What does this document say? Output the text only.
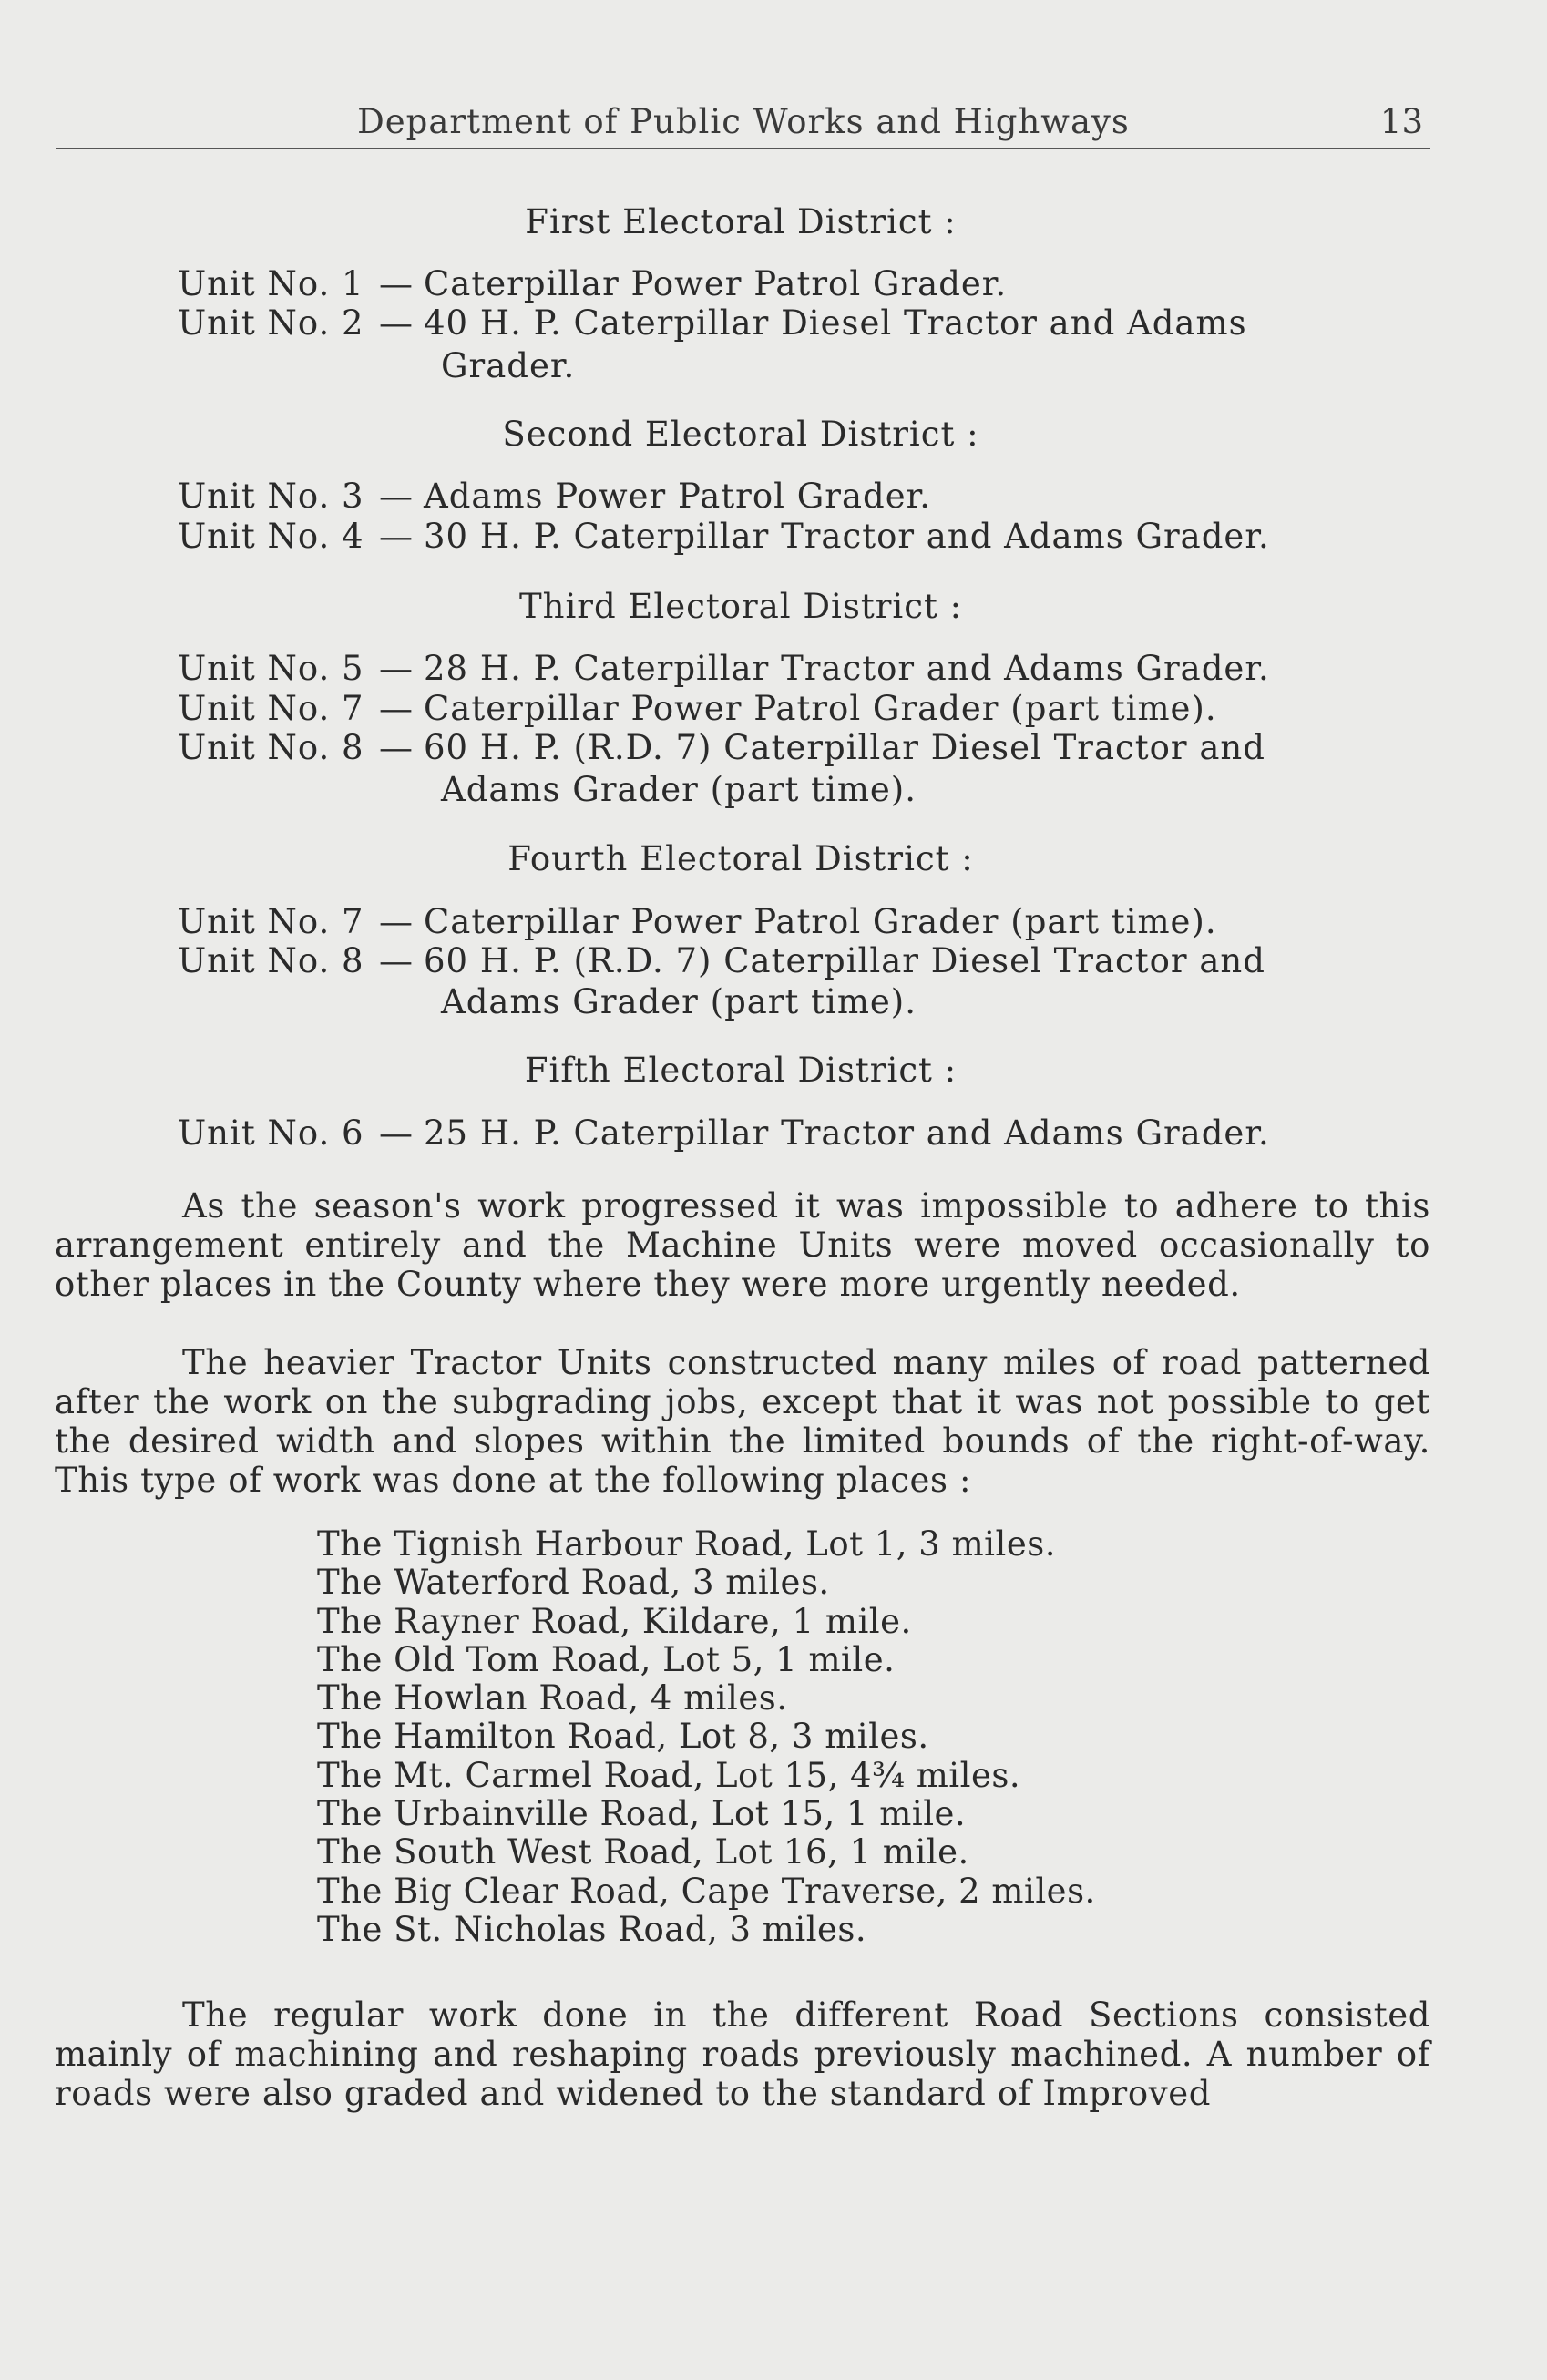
Department of Public Works and Highways	13
First Electoral District :
Unit No. 1 — Caterpillar Power Patrol Grader.
Unit No. 2 — 40 H. P. Caterpillar Diesel Tractor and Adams
Grader.
Second Electoral District :
Unit No. 3 — Adams Power Patrol Grader.
Unit No. 4 — 30 H. P. Caterpillar Tractor and Adams Grader.
Third Electoral District :
Unit No. 5 — 28 H. P. Caterpillar Tractor and Adams Grader.
Unit No. 7 — Caterpillar Power Patrol Grader (part time).
Unit No. 8 — 60 H. P. (R.D. 7) Caterpillar Diesel Tractor and
Adams Grader (part time).
Fourth Electoral District :
Unit No. 7 — Caterpillar Power Patrol Grader (part time).
Unit No. 8 — 60 H. P. (R.D. 7) Caterpillar Diesel Tractor and
Adams Grader (part time).
Fifth Electoral District :
Unit No. 6 — 25 H. P. Caterpillar Tractor and Adams Grader.

As the season's work progressed it was impossible to adhere to this arrangement entirely and the Machine Units were moved occasionally to other places in the County where they were more urgently needed.

The heavier Tractor Units constructed many miles of road patterned after the work on the subgrading jobs, except that it was not possible to get the desired width and slopes within the limited bounds of the right-of-way. This type of work was done at the following places :

The Tignish Harbour Road, Lot 1, 3 miles.
The Waterford Road, 3 miles.
The Rayner Road, Kildare, 1 mile.
The Old Tom Road, Lot 5, 1 mile.
The Howlan Road, 4 miles.
The Hamilton Road, Lot 8, 3 miles.
The Mt. Carmel Road, Lot 15, 4¾ miles.
The Urbainville Road, Lot 15, 1 mile.
The South West Road, Lot 16, 1 mile.
The Big Clear Road, Cape Traverse, 2 miles.
The St. Nicholas Road, 3 miles.

The regular work done in the different Road Sections consisted mainly of machining and reshaping roads previously machined. A number of roads were also graded and widened to the standard of Improved
